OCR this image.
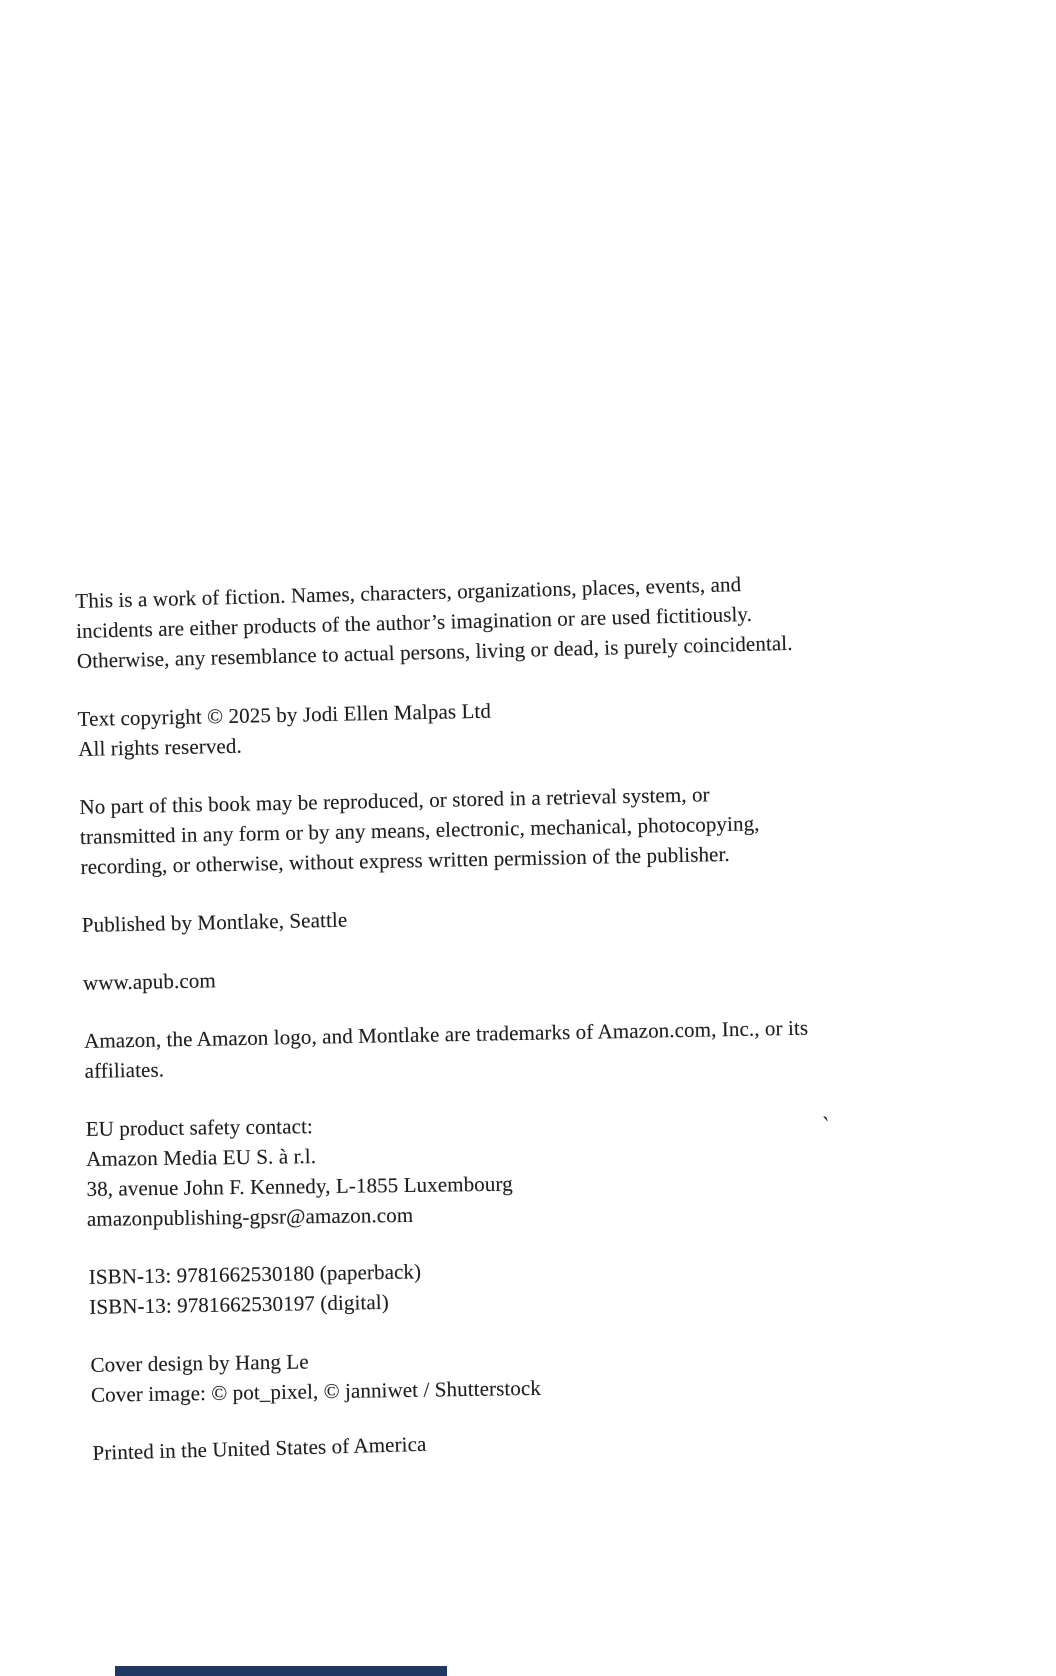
This is a work of fiction. Names, characters, organizations, places, events, and
incidents are either products of the author’s imagination or are used fictitiously.
Otherwise, any resemblance to actual persons, living or dead, is purely coincidental.
Text copyright © 2025 by Jodi Ellen Malpas Ltd
All rights reserved.
No part of this book may be reproduced, or stored in a retrieval system, or
transmitted in any form or by any means, electronic, mechanical, photocopying,
recording, or otherwise, without express written permission of the publisher.
Published by Montlake, Seattle
www.apub.com
Amazon, the Amazon logo, and Montlake are trademarks of Amazon.com, Inc., or its
affiliates.
EU product safety contact:
Amazon Media EU S. à r.l.
38, avenue John F. Kennedy, L-1855 Luxembourg
amazonpublishing-gpsr@amazon.com
ISBN-13: 9781662530180 (paperback)
ISBN-13: 9781662530197 (digital)
Cover design by Hang Le
Cover image: © pot_pixel, © janniwet / Shutterstock
Printed in the United States of America
`
